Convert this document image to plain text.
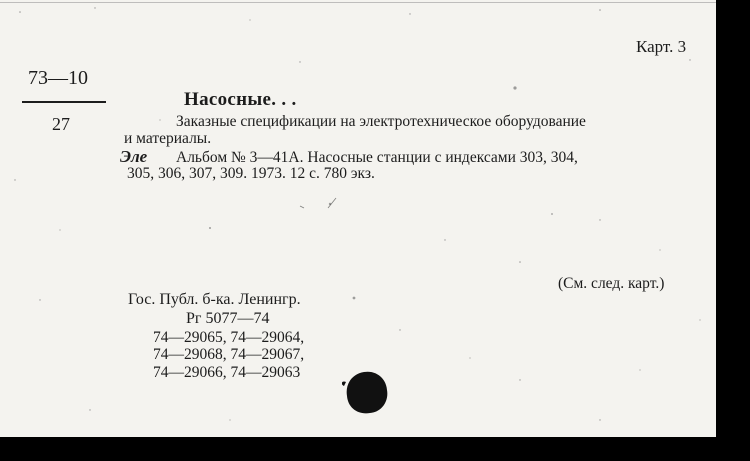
Карт. 3
73—10
27
Насосные. . .
Заказные спецификации на электротехническое оборудование
и материалы.
Эле Альбом № 3—41А. Насосные станции с индексами 303, 304,
305, 306, 307, 309. 1973. 12 с. 780 экз.
(См. след. карт.)
Гос. Публ. б-ка. Ленингр.
Рг 5077—74
74—29065, 74—29064,
74—29068, 74—29067,
74—29066, 74—29063
